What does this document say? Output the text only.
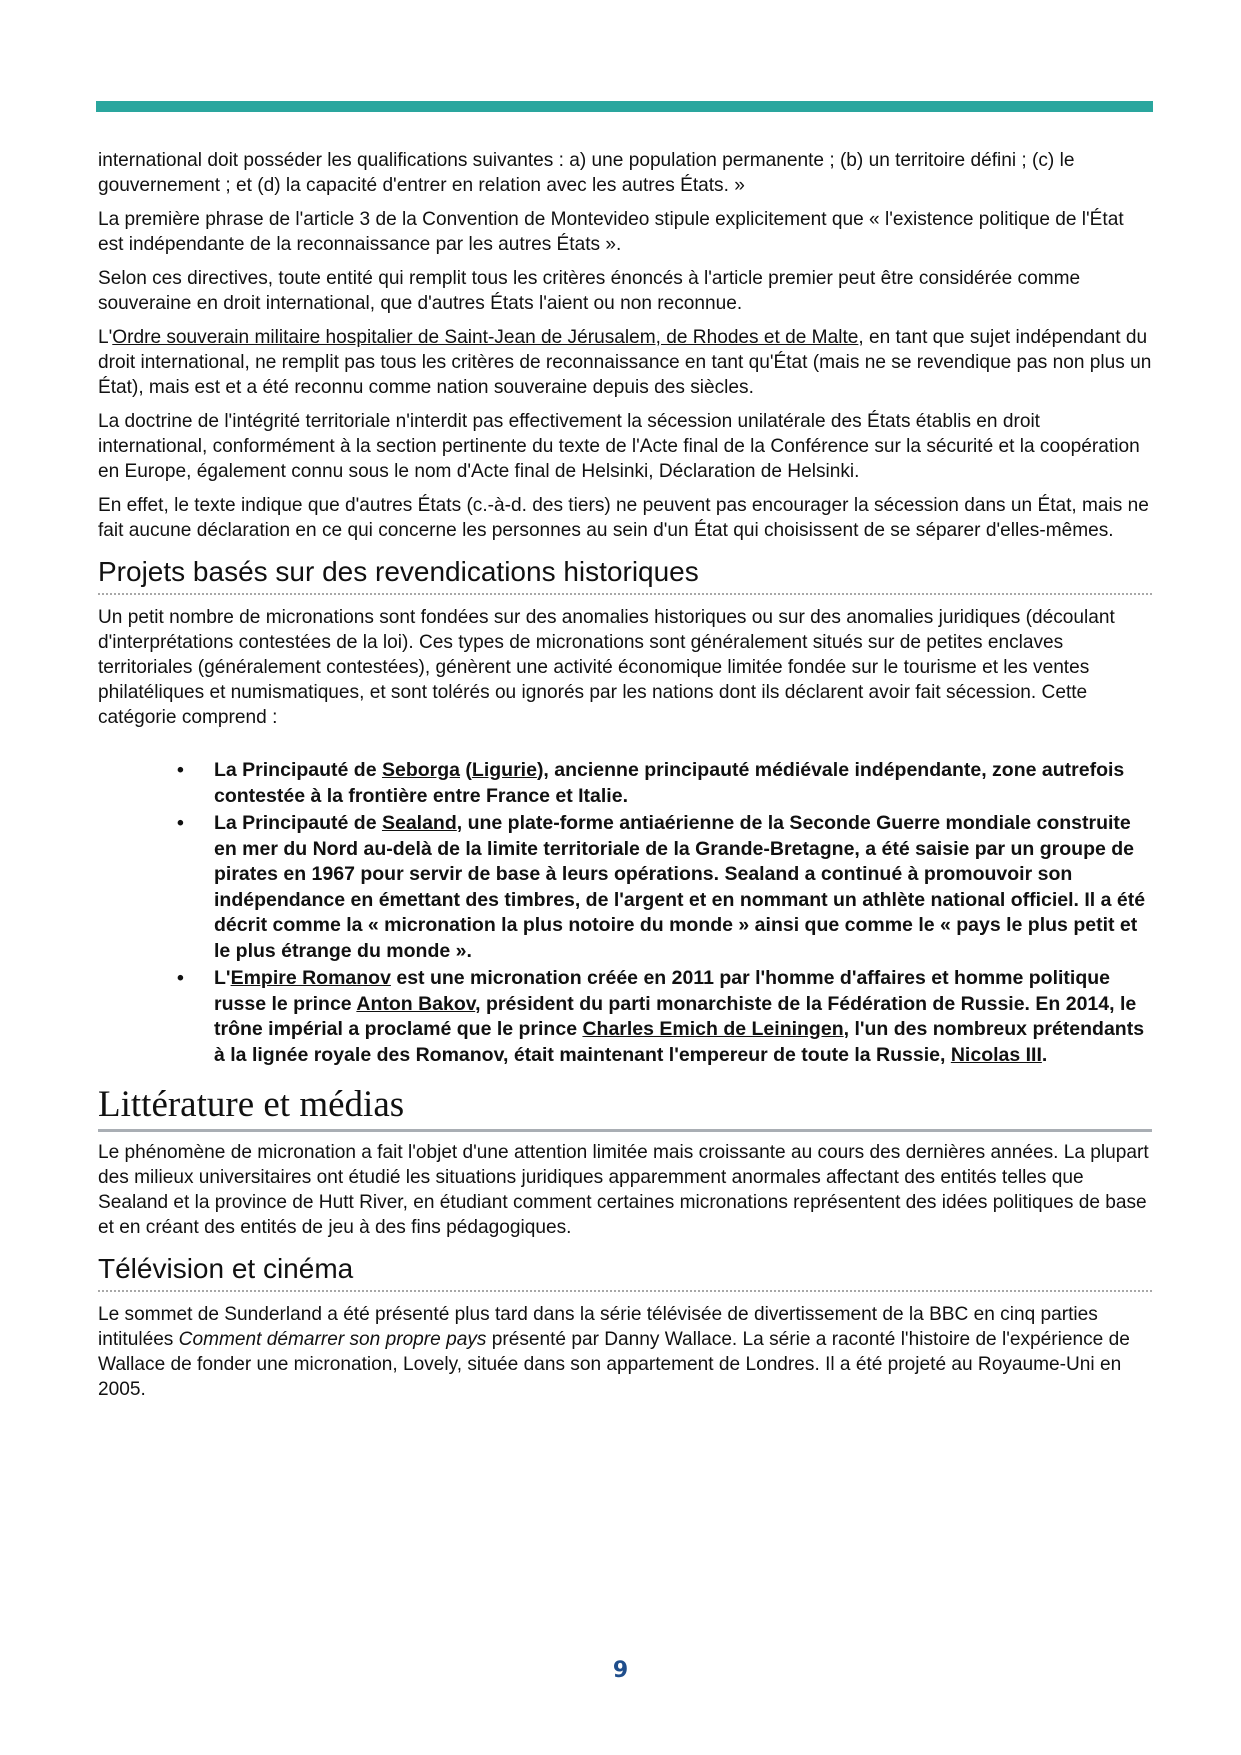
international doit posséder les qualifications suivantes : a) une population permanente ; (b) un territoire défini ; (c) le gouvernement ; et (d) la capacité d'entrer en relation avec les autres États. »

La première phrase de l'article 3 de la Convention de Montevideo stipule explicitement que « l'existence politique de l'État est indépendante de la reconnaissance par les autres États ».

Selon ces directives, toute entité qui remplit tous les critères énoncés à l'article premier peut être considérée comme souveraine en droit international, que d'autres États l'aient ou non reconnue.

L'Ordre souverain militaire hospitalier de Saint-Jean de Jérusalem, de Rhodes et de Malte, en tant que sujet indépendant du droit international, ne remplit pas tous les critères de reconnaissance en tant qu'État (mais ne se revendique pas non plus un État), mais est et a été reconnu comme nation souveraine depuis des siècles.

La doctrine de l'intégrité territoriale n'interdit pas effectivement la sécession unilatérale des États établis en droit international, conformément à la section pertinente du texte de l'Acte final de la Conférence sur la sécurité et la coopération en Europe, également connu sous le nom d'Acte final de Helsinki, Déclaration de Helsinki.

En effet, le texte indique que d'autres États (c.-à-d. des tiers) ne peuvent pas encourager la sécession dans un État, mais ne fait aucune déclaration en ce qui concerne les personnes au sein d'un État qui choisissent de se séparer d'elles-mêmes.

Projets basés sur des revendications historiques

Un petit nombre de micronations sont fondées sur des anomalies historiques ou sur des anomalies juridiques (découlant d'interprétations contestées de la loi). Ces types de micronations sont généralement situés sur de petites enclaves territoriales (généralement contestées), génèrent une activité économique limitée fondée sur le tourisme et les ventes philatéliques et numismatiques, et sont tolérés ou ignorés par les nations dont ils déclarent avoir fait sécession. Cette catégorie comprend :

• La Principauté de Seborga (Ligurie), ancienne principauté médiévale indépendante, zone autrefois contestée à la frontière entre France et Italie.
• La Principauté de Sealand, une plate-forme antiaérienne de la Seconde Guerre mondiale construite en mer du Nord au-delà de la limite territoriale de la Grande-Bretagne, a été saisie par un groupe de pirates en 1967 pour servir de base à leurs opérations. Sealand a continué à promouvoir son indépendance en émettant des timbres, de l'argent et en nommant un athlète national officiel. Il a été décrit comme la « micronation la plus notoire du monde » ainsi que comme le « pays le plus petit et le plus étrange du monde ».
• L'Empire Romanov est une micronation créée en 2011 par l'homme d'affaires et homme politique russe le prince Anton Bakov, président du parti monarchiste de la Fédération de Russie. En 2014, le trône impérial a proclamé que le prince Charles Emich de Leiningen, l'un des nombreux prétendants à la lignée royale des Romanov, était maintenant l'empereur de toute la Russie, Nicolas III.
Littérature et médias

Le phénomène de micronation a fait l'objet d'une attention limitée mais croissante au cours des dernières années. La plupart des milieux universitaires ont étudié les situations juridiques apparemment anormales affectant des entités telles que Sealand et la province de Hutt River, en étudiant comment certaines micronations représentent des idées politiques de base et en créant des entités de jeu à des fins pédagogiques.

Télévision et cinéma

Le sommet de Sunderland a été présenté plus tard dans la série télévisée de divertissement de la BBC en cinq parties intitulées Comment démarrer son propre pays présenté par Danny Wallace. La série a raconté l'histoire de l'expérience de Wallace de fonder une micronation, Lovely, située dans son appartement de Londres. Il a été projeté au Royaume-Uni en 2005.

9
